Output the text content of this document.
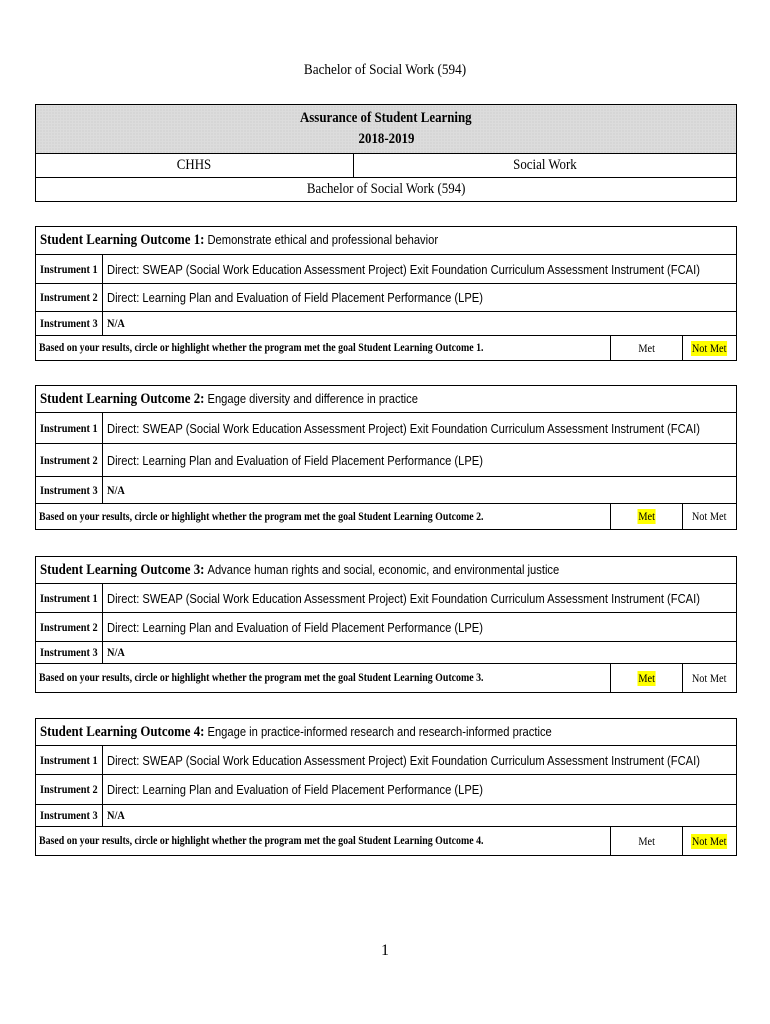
Bachelor of Social Work (594)
Assurance of Student Learning
2018-2019

CHHS	Social Work
Bachelor of Social Work (594)
Student Learning Outcome 1: Demonstrate ethical and professional behavior			
Instrument 1	Direct: SWEAP (Social Work Education Assessment Project) Exit Foundation Curriculum Assessment Instrument (FCAI)		
Instrument 2	Direct: Learning Plan and Evaluation of Field Placement Performance (LPE)		
Instrument 3	N/A		
Based on your results, circle or highlight whether the program met the goal Student Learning Outcome 1.		Met	Not Met
Student Learning Outcome 2: Engage diversity and difference in practice			
Instrument 1	Direct: SWEAP (Social Work Education Assessment Project) Exit Foundation Curriculum Assessment Instrument (FCAI)		
Instrument 2	Direct: Learning Plan and Evaluation of Field Placement Performance (LPE)		
Instrument 3	N/A		
Based on your results, circle or highlight whether the program met the goal Student Learning Outcome 2.		Met	Not Met
Student Learning Outcome 3: Advance human rights and social, economic, and environmental justice			
Instrument 1	Direct: SWEAP (Social Work Education Assessment Project) Exit Foundation Curriculum Assessment Instrument (FCAI)		
Instrument 2	Direct: Learning Plan and Evaluation of Field Placement Performance (LPE)		
Instrument 3	N/A		
Based on your results, circle or highlight whether the program met the goal Student Learning Outcome 3.		Met	Not Met
Student Learning Outcome 4: Engage in practice-informed research and research-informed practice			
Instrument 1	Direct: SWEAP (Social Work Education Assessment Project) Exit Foundation Curriculum Assessment Instrument (FCAI)		
Instrument 2	Direct: Learning Plan and Evaluation of Field Placement Performance (LPE)		
Instrument 3	N/A		
Based on your results, circle or highlight whether the program met the goal Student Learning Outcome 4.		Met	Not Met
1
